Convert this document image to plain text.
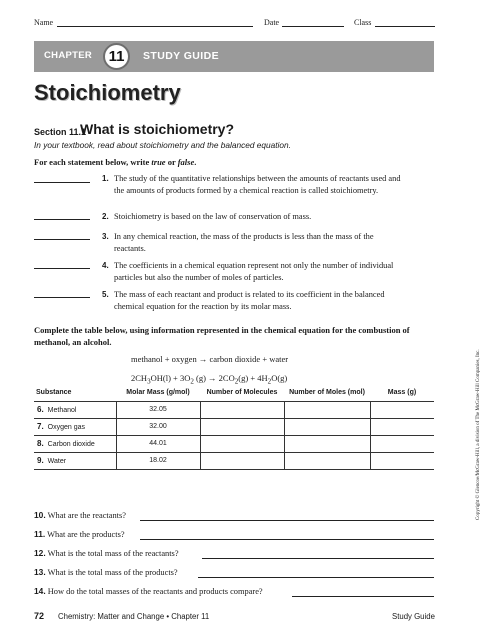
Name	Date	Class
CHAPTER	11	STUDY GUIDE
Stoichiometry
Section 11.1
What is stoichiometry?
In your textbook, read about stoichiometry and the balanced equation.
For each statement below, write true or false.
1. The study of the quantitative relationships between the amounts of reactants used and the amounts of products formed by a chemical reaction is called stoichiometry.
2. Stoichiometry is based on the law of conservation of mass.
3. In any chemical reaction, the mass of the products is less than the mass of the reactants.
4. The coefficients in a chemical equation represent not only the number of individual particles but also the number of moles of particles.
5. The mass of each reactant and product is related to its coefficient in the balanced chemical equation for the reaction by its molar mass.
Complete the table below, using information represented in the chemical equation for the combustion of methanol, an alcohol.
methanol + oxygen → carbon dioxide + water
$2CH_3OH(l) + 3O_2$ $(g) \to 2CO_2(g) + 4H_2O(g)$
Substance	Molar Mass (g/mol)	Number of Molecules	Number of Moles (mol)	Mass (g)
6. Methanol	32.05			
7. Oxygen gas	32.00			
8. Carbon dioxide	44.01			
9. Water	18.02			
10. What are the reactants?
11. What are the products?
12. What is the total mass of the reactants?
13. What is the total mass of the products?
14. How do the total masses of the reactants and products compare?
72 Chemistry: Matter and Change • Chapter 11	Study Guide
Copyright © Glencoe/McGraw-Hill, a division of The McGraw-Hill Companies, Inc.
